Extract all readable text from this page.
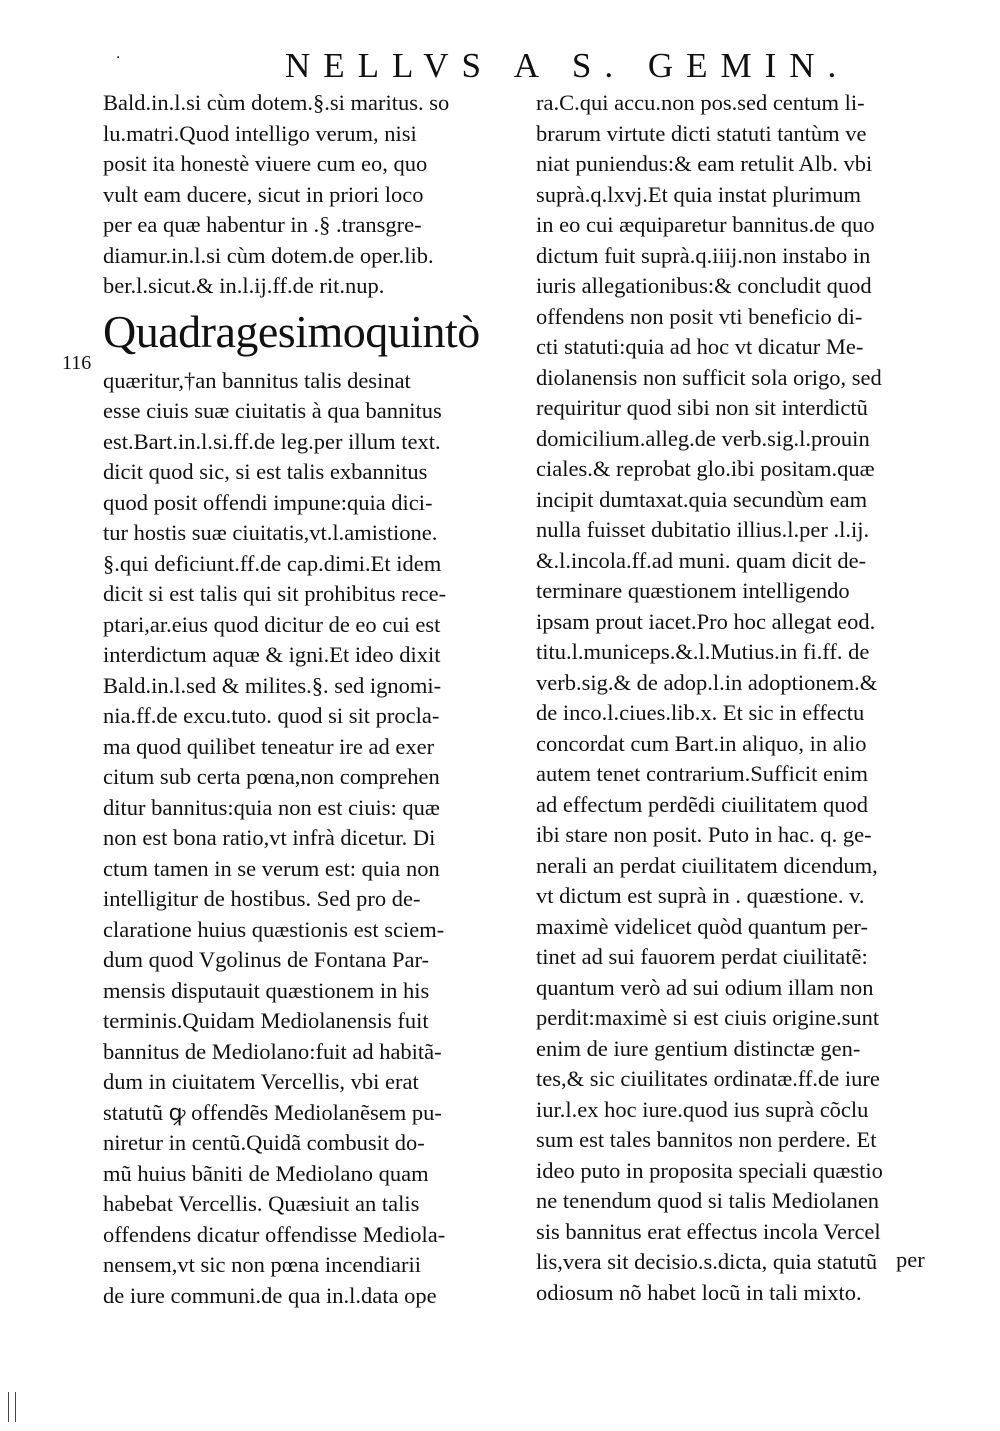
·	NELLVS A S. GEMIN.
Bald.in.l.si cùm dotem.§.si maritus. so
lu.matri.Quod intelligo verum, nisi
posit ita honestè viuere cum eo, quo
vult eam ducere, sicut in priori loco
per ea quæ habentur in .§ .transgre-
diamur.in.l.si cùm dotem.de oper.lib.
ber.l.sicut.& in.l.ij.ff.de rit.nup.
Quadragesimoquintò
quæritur,†an bannitus talis desinat
esse ciuis suæ ciuitatis à qua bannitus
est.Bart.in.l.si.ff.de leg.per illum text.
dicit quod sic, si est talis exbannitus
quod posit offendi impune:quia dici-
tur hostis suæ ciuitatis,vt.l.amistione.
§.qui deficiunt.ff.de cap.dimi.Et idem
dicit si est talis qui sit prohibitus rece-
ptari,ar.eius quod dicitur de eo cui est
interdictum aquæ & igni.Et ideo dixit
Bald.in.l.sed & milites.§. sed ignomi-
nia.ff.de excu.tuto. quod si sit procla-
ma quod quilibet teneatur ire ad exer
citum sub certa pœna,non comprehen
ditur bannitus:quia non est ciuis: quæ
non est bona ratio,vt infrà dicetur. Di
ctum tamen in se verum est: quia non
intelligitur de hostibus. Sed pro de-
claratione huius quæstionis est sciem-
dum quod Vgolinus de Fontana Par-
mensis disputauit quæstionem in his
terminis.Quidam Mediolanensis fuit
bannitus de Mediolano:fuit ad habitã-
dum in ciuitatem Vercellis, vbi erat
statutũ ꝙ offendẽs Mediolanẽsem pu-
niretur in centũ.Quidã combusit do-
mũ huius bãniti de Mediolano quam
habebat Vercellis. Quæsiuit an talis
offendens dicatur offendisse Mediola-
nensem,vt sic non pœna incendiarii
de iure communi.de qua in.l.data ope
116
ra.C.qui accu.non pos.sed centum li-
brarum virtute dicti statuti tantùm ve
niat puniendus:& eam retulit Alb. vbi
suprà.q.lxvj.Et quia instat plurimum
in eo cui æquiparetur bannitus.de quo
dictum fuit suprà.q.iiij.non instabo in
iuris allegationibus:& concludit quod
offendens non posit vti beneficio di-
cti statuti:quia ad hoc vt dicatur Me-
diolanensis non sufficit sola origo, sed
requiritur quod sibi non sit interdictũ
domicilium.alleg.de verb.sig.l.prouin
ciales.& reprobat glo.ibi positam.quæ
incipit dumtaxat.quia secundùm eam
nulla fuisset dubitatio illius.l.per .l.ij.
&.l.incola.ff.ad muni. quam dicit de-
terminare quæstionem intelligendo
ipsam prout iacet.Pro hoc allegat eod.
titu.l.municeps.&.l.Mutius.in fi.ff. de
verb.sig.& de adop.l.in adoptionem.&
de inco.l.ciues.lib.x. Et sic in effectu
concordat cum Bart.in aliquo, in alio
autem tenet contrarium.Sufficit enim
ad effectum perdẽdi ciuilitatem quod
ibi stare non posit. Puto in hac. q. ge-
nerali an perdat ciuilitatem dicendum,
vt dictum est suprà in . quæstione. v.
maximè videlicet quòd quantum per-
tinet ad sui fauorem perdat ciuilitatẽ:
quantum verò ad sui odium illam non
perdit:maximè si est ciuis origine.sunt
enim de iure gentium distinctæ gen-
tes,& sic ciuilitates ordinatæ.ff.de iure
iur.l.ex hoc iure.quod ius suprà cõclu
sum est tales bannitos non perdere. Et
ideo puto in proposita speciali quæstio
ne tenendum quod si talis Mediolanen
sis bannitus erat effectus incola Vercel
lis,vera sit decisio.s.dicta, quia statutũ
odiosum nõ habet locũ in tali mixto.
per
